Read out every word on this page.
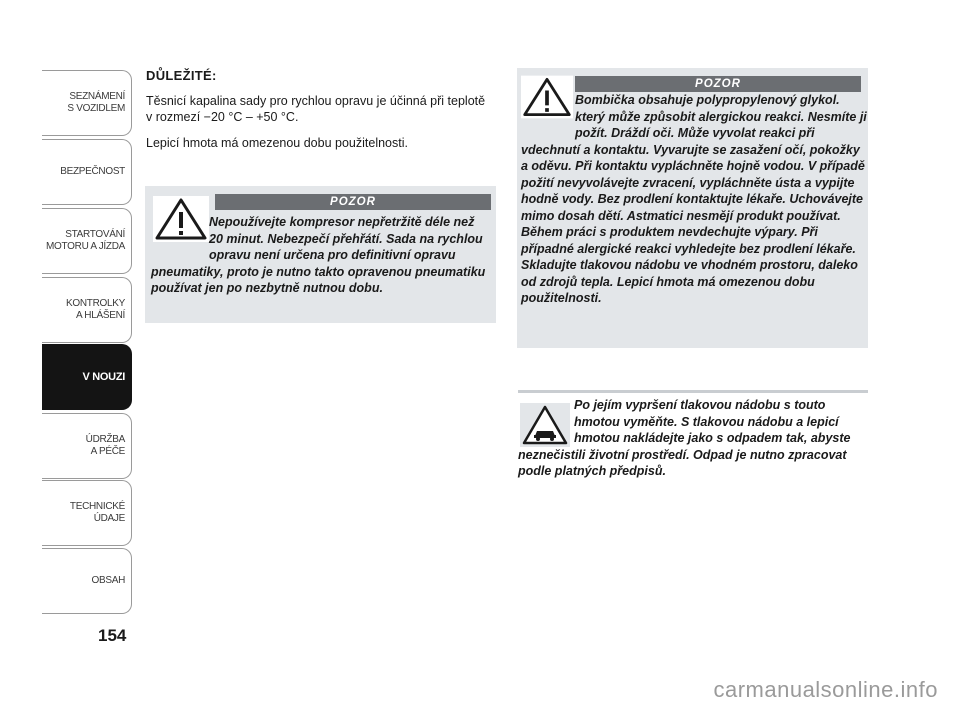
SEZNÁMENÍ
S VOZIDLEM
BEZPEČNOST
STARTOVÁNÍ
MOTORU A JÍZDA
KONTROLKY
A HLÁŠENÍ
V NOUZI
ÚDRŽBA
A PÉČE
TECHNICKÉ
ÚDAJE
OBSAH
154
DŮLEŽITÉ:

Těsnicí kapalina sady pro rychlou opravu je účinná při teplotě v rozmezí −20 °C – +50 °C.

Lepicí hmota má omezenou dobu použitelnosti.

POZOR
Nepoužívejte kompresor nepřetržitě déle než 20 minut. Nebezpečí přehřátí. Sada na rychlou opravu není určena pro definitivní opravu pneumatiky, proto je nutno takto opravenou pneumatiku používat jen po nezbytně nutnou dobu.
POZOR
Bombička obsahuje polypropylenový glykol. který může způsobit alergickou reakci. Nesmíte ji požít. Dráždí oči. Může vyvolat reakci při vdechnutí a kontaktu. Vyvarujte se zasažení očí, pokožky a oděvu. Při kontaktu vypláchněte hojně vodou. V případě požití nevyvolávejte zvracení, vypláchněte ústa a vypijte hodně vody. Bez prodlení kontaktujte lékaře. Uchovávejte mimo dosah dětí. Astmatici nesmějí produkt používat. Během práci s produktem nevdechujte výpary. Při případné alergické reakci vyhledejte bez prodlení lékaře. Skladujte tlakovou nádobu ve vhodném prostoru, daleko od zdrojů tepla. Lepicí hmota má omezenou dobu použitelnosti.
Po jejím vypršení tlakovou nádobu s touto hmotou vyměňte. S tlakovou nádobu a lepicí hmotou nakládejte jako s odpadem tak, abyste neznečistili životní prostředí. Odpad je nutno zpracovat podle platných předpisů.
carmanualsonline.info
